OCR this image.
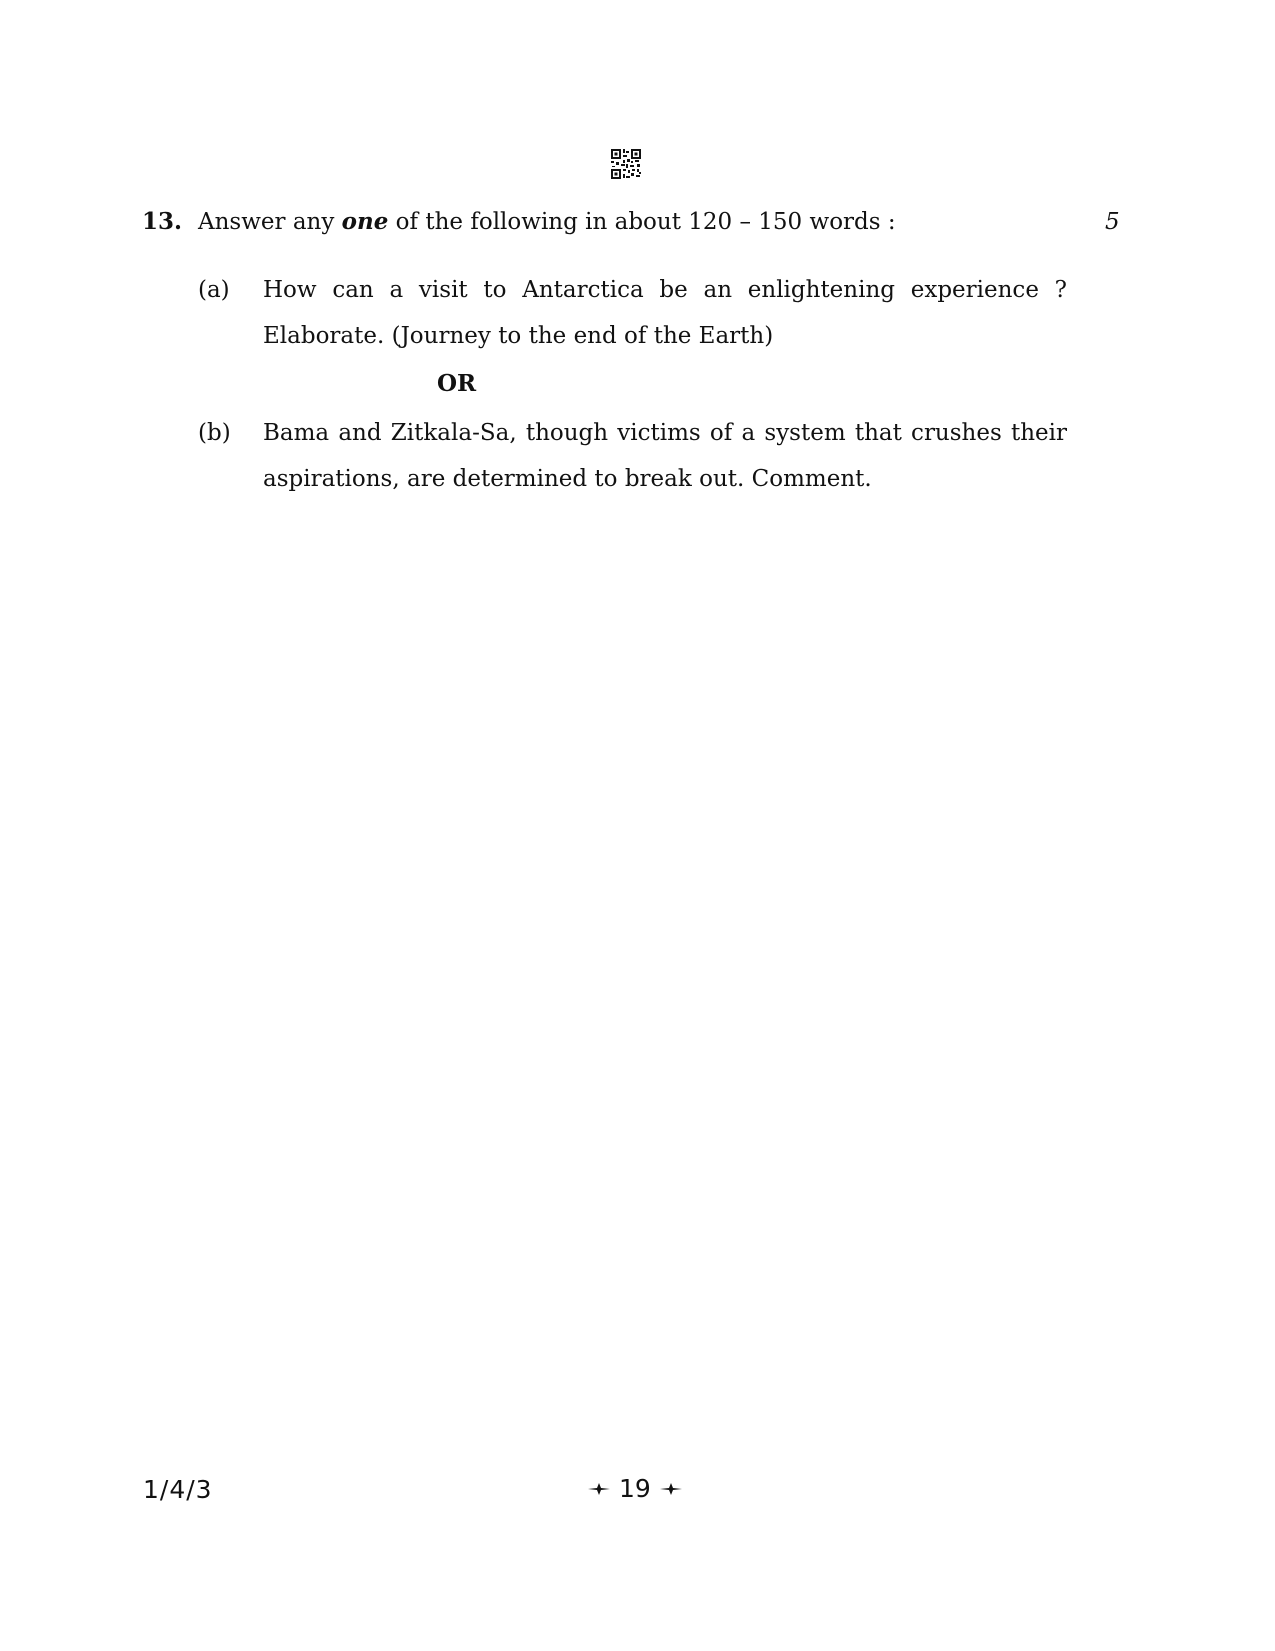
13. Answer any one of the following in about 120 – 150 words :	5
(a) How can a visit to Antarctica be an enlightening experience ? Elaborate. (Journey to the end of the Earth)
OR
(b) Bama and Zitkala-Sa, though victims of a system that crushes their aspirations, are determined to break out. Comment.
1/4/3	19
